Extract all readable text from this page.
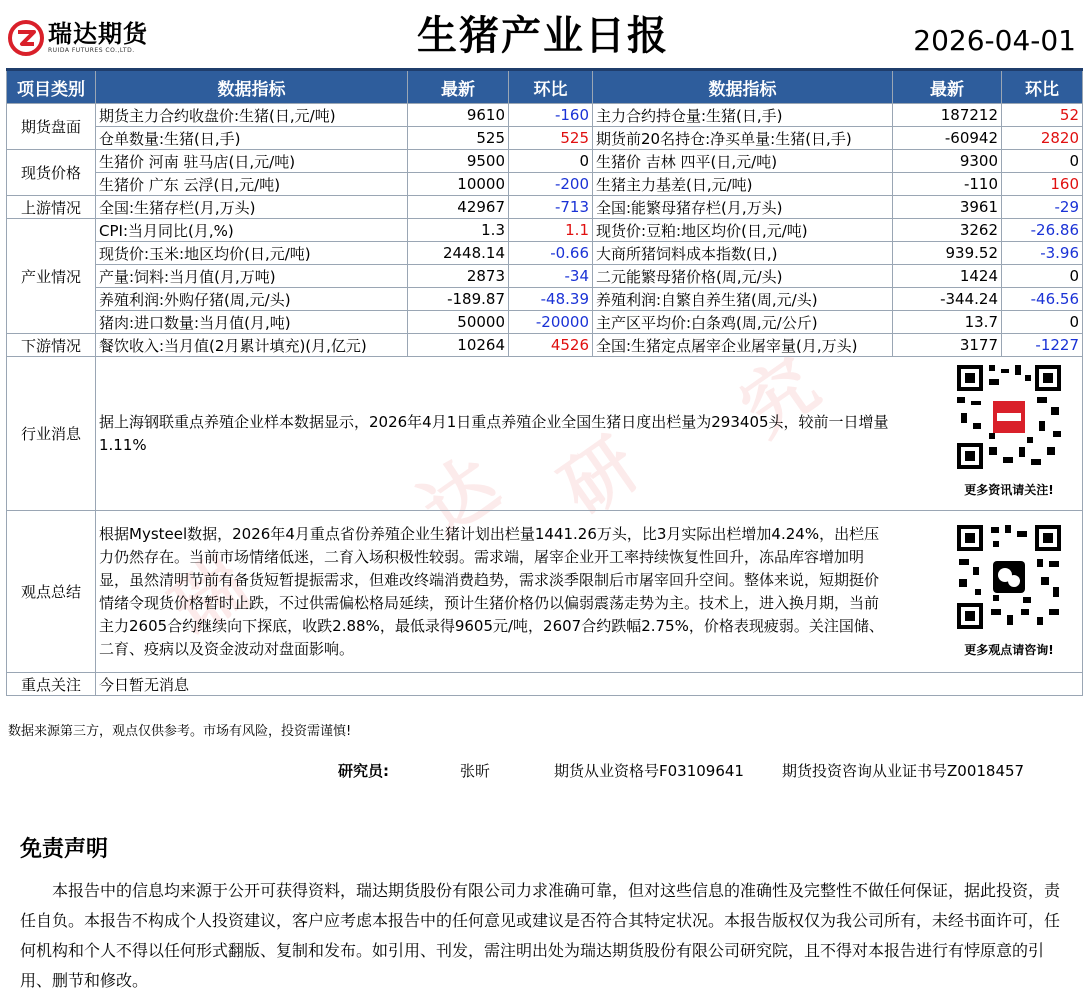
瑞
达 研
究
瑞达期货
RUIDA FUTURES CO.,LTD.	生猪产业日报	2026-04-01
项目类别	数据指标	最新	环比	数据指标	最新	环比
期货盘面	期货主力合约收盘价:生猪(日,元/吨)	9610	-160	主力合约持仓量:生猪(日,手)	187212	52
	仓单数量:生猪(日,手)	525	525	期货前20名持仓:净买单量:生猪(日,手)	-60942	2820
现货价格	生猪价 河南 驻马店(日,元/吨)	9500	0	生猪价 吉林 四平(日,元/吨)	9300	0
	生猪价 广东 云浮(日,元/吨)	10000	-200	生猪主力基差(日,元/吨)	-110	160
上游情况	全国:生猪存栏(月,万头)	42967	-713	全国:能繁母猪存栏(月,万头)	3961	-29
产业情况	CPI:当月同比(月,%)	1.3	1.1	现货价:豆粕:地区均价(日,元/吨)	3262	-26.86
	现货价:玉米:地区均价(日,元/吨)	2448.14	-0.66	大商所猪饲料成本指数(日,)	939.52	-3.96
	产量:饲料:当月值(月,万吨)	2873	-34	二元能繁母猪价格(周,元/头)	1424	0
	养殖利润:外购仔猪(周,元/头)	-189.87	-48.39	养殖利润:自繁自养生猪(周,元/头)	-344.24	-46.56
	猪肉:进口数量:当月值(月,吨)	50000	-20000	主产区平均价:白条鸡(周,元/公斤)	13.7	0
下游情况	餐饮收入:当月值(2月累计填充)(月,亿元)	10264	4526	全国:生猪定点屠宰企业屠宰量(月,万头)	3177	-1227
行业消息	据上海钢联重点养殖企业样本数据显示，2026年4月1日重点养殖企业全国生猪日度出栏量为293405头，较前一日增量1.11%
更多资讯请关注!					

观点总结	根据Mysteel数据，2026年4月重点省份养殖企业生猪计划出栏量1441.26万头，比3月实际出栏增加4.24%，出栏压力仍然存在。当前市场情绪低迷，二育入场积极性较弱。需求端，屠宰企业开工率持续恢复性回升，冻品库容增加明显，虽然清明节前有备货短暂提振需求，但难改终端消费趋势，需求淡季限制后市屠宰回升空间。整体来说，短期挺价情绪令现货价格暂时止跌，不过供需偏松格局延续，预计生猪价格仍以偏弱震荡走势为主。技术上，进入换月期，当前主力2605合约继续向下探底，收跌2.88%，最低录得9605元/吨，2607合约跌幅2.75%，价格表现疲弱。关注国储、二育、疫病以及资金波动对盘面影响。 更多观点请咨询!					

重点关注	今日暂无消息					
数据来源第三方，观点仅供参考。市场有风险，投资需谨慎!
研究员:	张昕	期货从业资格号F03109641	期货投资咨询从业证书号Z0018457
免责声明
本报告中的信息均来源于公开可获得资料，瑞达期货股份有限公司力求准确可靠，但对这些信息的准确性及完整性不做任何保证，据此投资，责任自负。本报告不构成个人投资建议，客户应考虑本报告中的任何意见或建议是否符合其特定状况。本报告版权仅为我公司所有，未经书面许可，任何机构和个人不得以任何形式翻版、复制和发布。如引用、刊发，需注明出处为瑞达期货股份有限公司研究院，且不得对本报告进行有悖原意的引用、删节和修改。
